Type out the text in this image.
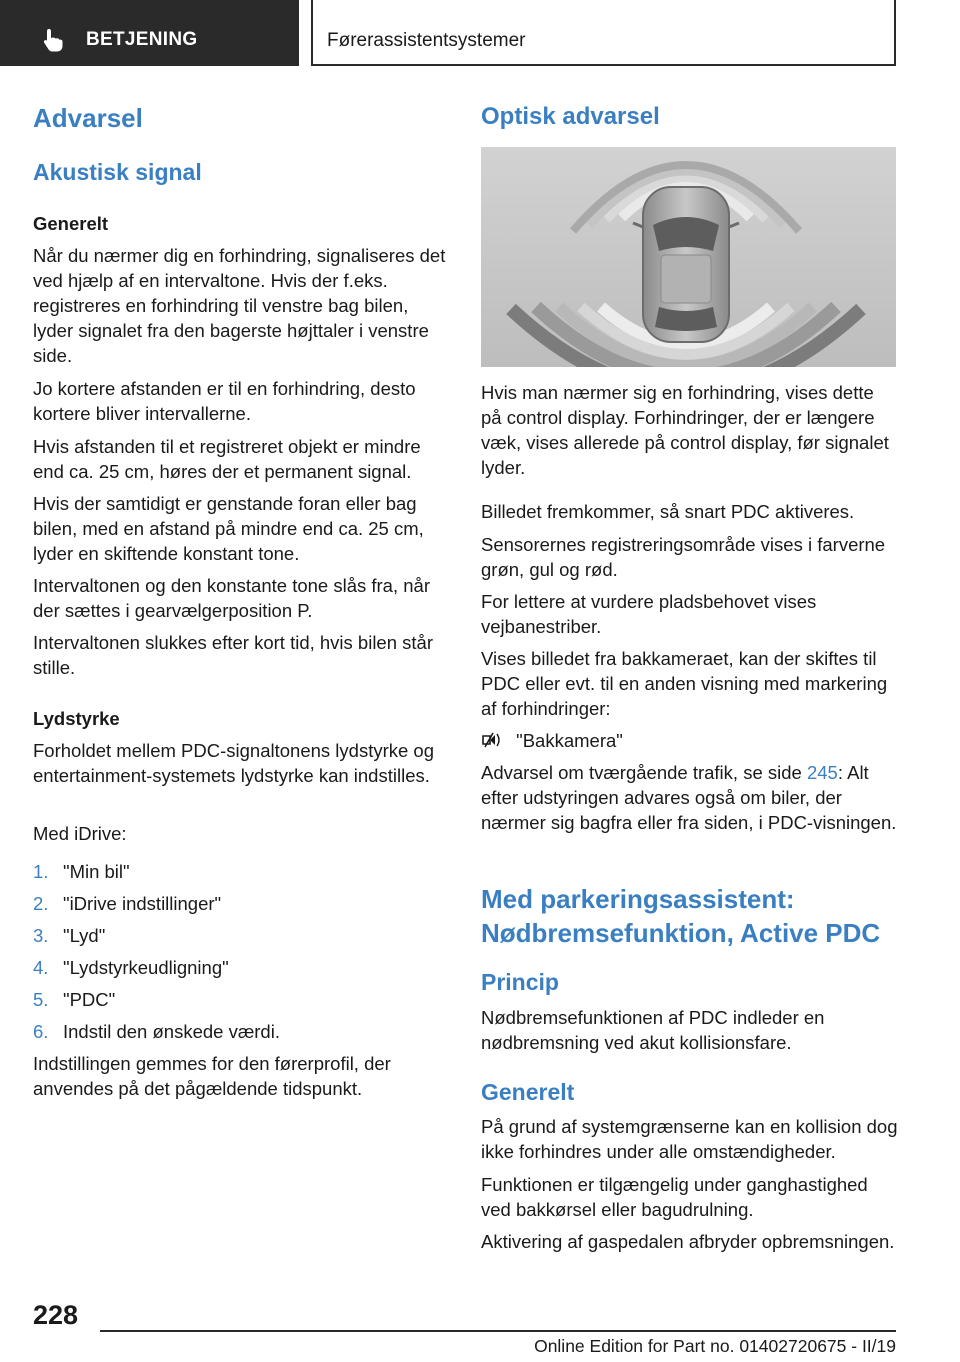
BETJENING	Førerassistentsystemer
Advarsel
Akustisk signal
Generelt
Når du nærmer dig en forhindring, signaliseres det ved hjælp af en intervaltone. Hvis der f.eks. registreres en forhindring til venstre bag bilen, lyder signalet fra den bagerste højttaler i venstre side.
Jo kortere afstanden er til en forhindring, desto kortere bliver intervallerne.
Hvis afstanden til et registreret objekt er mindre end ca. 25 cm, høres der et permanent signal.
Hvis der samtidigt er genstande foran eller bag bilen, med en afstand på mindre end ca. 25 cm, lyder en skiftende konstant tone.
Intervaltonen og den konstante tone slås fra, når der sættes i gearvælgerposition P.
Intervaltonen slukkes efter kort tid, hvis bilen står stille.
Lydstyrke
Forholdet mellem PDC-signaltonens lydstyrke og entertainment-systemets lydstyrke kan indstilles.
Med iDrive:
1. "Min bil"
2. "iDrive indstillinger"
3. "Lyd"
4. "Lydstyrkeudligning"
5. "PDC"
6. Indstil den ønskede værdi.
Indstillingen gemmes for den førerprofil, der anvendes på det pågældende tidspunkt.
Optisk advarsel
Hvis man nærmer sig en forhindring, vises dette på control display. Forhindringer, der er længere væk, vises allerede på control display, før signalet lyder.
Billedet fremkommer, så snart PDC aktiveres.
Sensorernes registreringsområde vises i farverne grøn, gul og rød.
For lettere at vurdere pladsbehovet vises vejbanestriber.
Vises billedet fra bakkameraet, kan der skiftes til PDC eller evt. til en anden visning med markering af forhindringer:
"Bakkamera"
Advarsel om tværgående trafik, se side 245: Alt efter udstyringen advares også om biler, der nærmer sig bagfra eller fra siden, i PDC-visningen.
Med parkeringsassistent: Nødbremsefunktion, Active PDC
Princip
Nødbremsefunktionen af PDC indleder en nødbremsning ved akut kollisionsfare.
Generelt
På grund af systemgrænserne kan en kollision dog ikke forhindres under alle omstændigheder.
Funktionen er tilgængelig under ganghastighed ved bakkørsel eller bagudrulning.
Aktivering af gaspedalen afbryder opbremsningen.
228
Online Edition for Part no. 01402720675 - II/19
